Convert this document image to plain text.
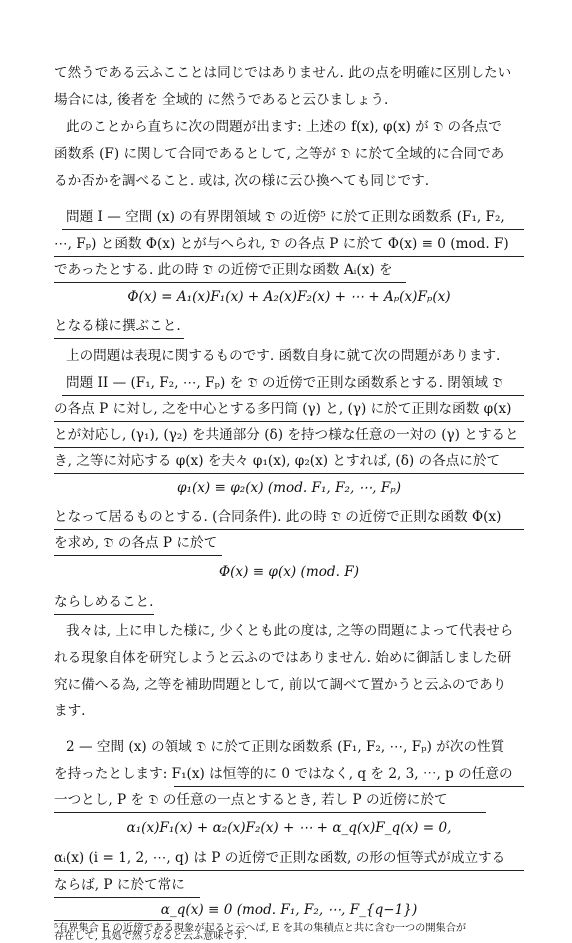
て然うである云ふこことは同じではありません. 此の点を明確に区別したい
場合には, 後者を 全域的 に然うであると云ひましょう.
此のことから直ちに次の問題が出ます: 上述の f(x), φ(x) が 𝔇 の各点で
函数系 (F) に関して合同であるとして, 之等が 𝔇 に於て全域的に合同であ
るか否かを調べること. 或は, 次の様に云ひ換へても同じです.
問題 I — 空間 (x) の有界閉領域 𝔇̄ の近傍⁵ に於て正則な函数系 (F₁, F₂,
⋯, Fₚ) と函数 Φ(x) とが与へられ, 𝔇̄ の各点 P に於て Φ(x) ≡ 0 (mod. F)
であったとする. 此の時 𝔇̄ の近傍で正則な函数 Aᵢ(x) を
Φ(x) = A₁(x)F₁(x) + A₂(x)F₂(x) + ⋯ + Aₚ(x)Fₚ(x)
となる様に撰ぶこと.
上の問題は表現に関するものです. 函数自身に就て次の問題があります.
問題 II — (F₁, F₂, ⋯, Fₚ) を 𝔇̄ の近傍で正則な函数系とする. 閉領域 𝔇̄
の各点 P に対し, 之を中心とする多円筒 (γ) と, (γ) に於て正則な函数 φ(x)
とが対応し, (γ₁), (γ₂) を共通部分 (δ) を持つ様な任意の一対の (γ) とすると
き, 之等に対応する φ(x) を夫々 φ₁(x), φ₂(x) とすれば, (δ) の各点に於て
φ₁(x) ≡ φ₂(x) (mod. F₁, F₂, ⋯, Fₚ)
となって居るものとする. (合同条件). 此の時 𝔇̄ の近傍で正則な函数 Φ(x)
を求め, 𝔇̄ の各点 P に於て
Φ(x) ≡ φ(x) (mod. F)
ならしめること.
我々は, 上に申した様に, 少くとも此の度は, 之等の問題によって代表せら
れる現象自体を研究しようと云ふのではありません. 始めに御話しました研
究に備へる為, 之等を補助問題として, 前以て調べて置かうと云ふのであり
ます.
2 — 空間 (x) の領域 𝔇 に於て正則な函数系 (F₁, F₂, ⋯, Fₚ) が次の性質
を持ったとします: F₁(x) は恒等的に 0 ではなく, q を 2, 3, ⋯, p の任意の
一つとし, P を 𝔇 の任意の一点とするとき, 若し P の近傍に於て
α₁(x)F₁(x) + α₂(x)F₂(x) + ⋯ + α_q(x)F_q(x) = 0,
αᵢ(x) (i = 1, 2, ⋯, q) は P の近傍で正則な函数, の形の恒等式が成立する
ならば, P に於て常に
α_q(x) ≡ 0 (mod. F₁, F₂, ⋯, F_{q−1})
⁵有界集合 E の近傍である現象が起ると云へば, E を其の集積点と共に含む一つの開集合が
存在して, 其処で然うなると云ふ意味です.
